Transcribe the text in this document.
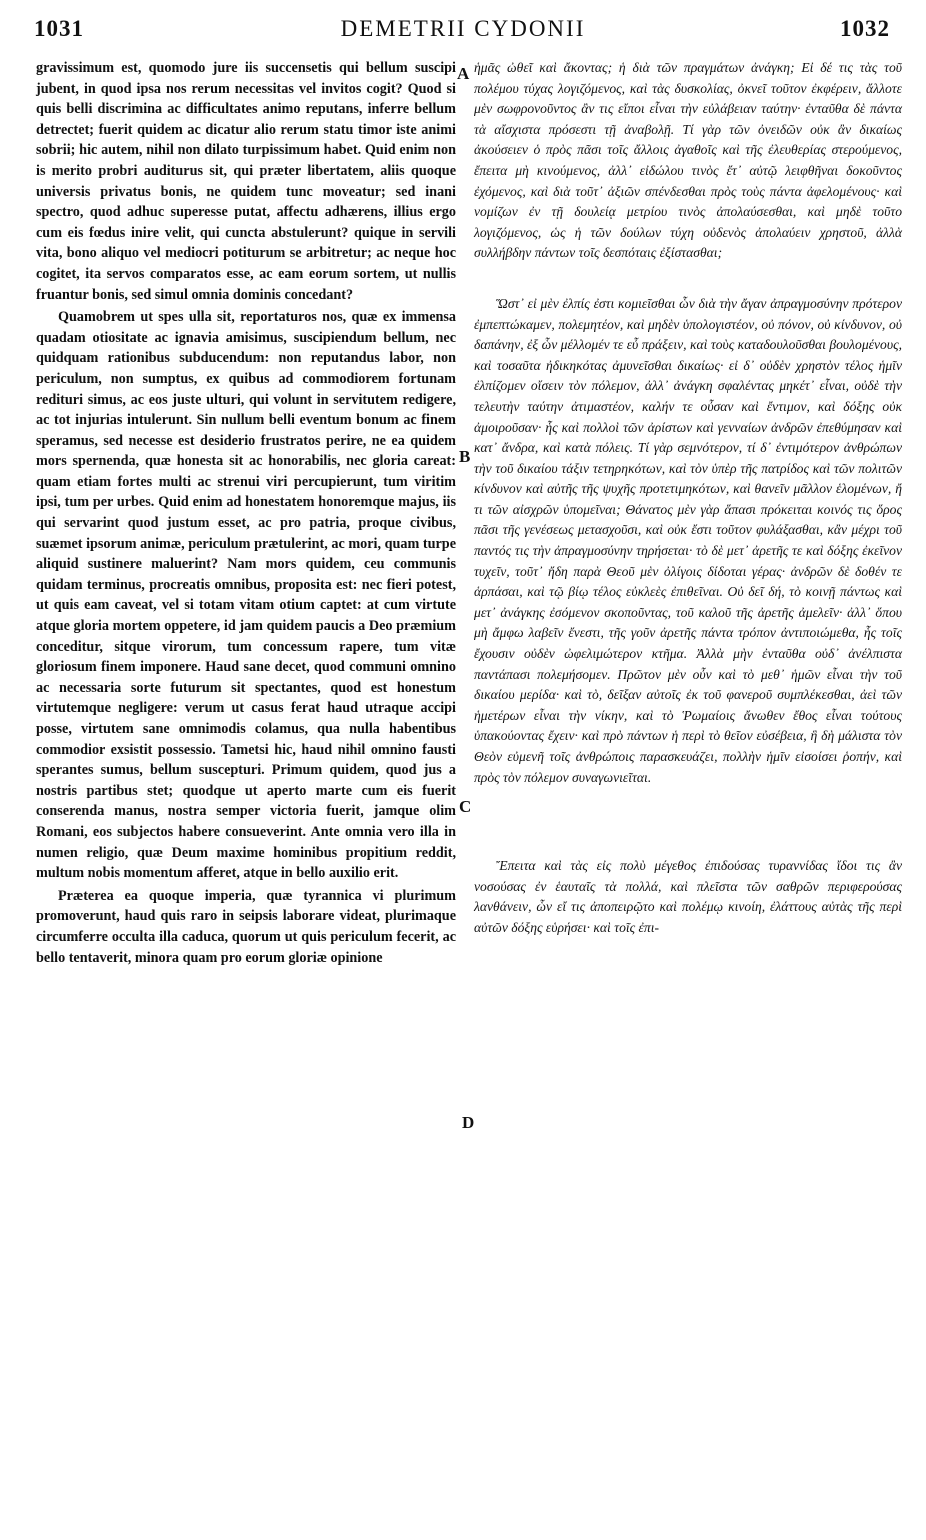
1031	DEMETRII CYDONII	1032

gravissimum est, quomodo jure iis succensetis qui bellum suscipi jubent, in quod ipsa nos rerum necessitas vel invitos cogit? Quod si quis belli discrimina ac difficultates animo reputans, inferre bellum detrectet; fuerit quidem ac dicatur alio rerum statu timor iste animi sobrii; hic autem, nihil non dilato turpissimum habet. Quid enim non is merito probri auditurus sit, qui præter libertatem, aliis quoque universis privatus bonis, ne quidem tunc moveatur; sed inani spectro, quod adhuc superesse putat, affectu adhærens, illius ergo cum eis fœdus inire velit, qui cuncta abstulerunt? quique in servili vita, bono aliquo vel mediocri potiturum se arbitretur; ac neque hoc cogitet, ita servos comparatos esse, ac eam eorum sortem, ut nullis fruantur bonis, sed simul omnia dominis concedant?

Quamobrem ut spes ulla sit, reportaturos nos, quæ ex immensa quadam otiositate ac ignavia amisimus, suscipiendum bellum, nec quidquam rationibus subducendum: non reputandus labor, non periculum, non sumptus, ex quibus ad commodiorem fortunam redituri simus, ac eos juste ulturi, qui volunt in servitutem redigere, ac tot injurias intulerunt. Sin nullum belli eventum bonum ac finem speramus, sed necesse est desiderio frustratos perire, ne ea quidem mors spernenda, quæ honesta sit ac honorabilis, nec gloria careat: quam etiam fortes multi ac strenui viri percupierunt, tum viritim ipsi, tum per urbes. Quid enim ad honestatem honoremque majus, iis qui servarint quod justum esset, ac pro patria, proque civibus, suæmet ipsorum animæ, periculum prætulerint, ac mori, quam turpe aliquid sustinere maluerint? Nam mors quidem, ceu communis quidam terminus, procreatis omnibus, proposita est: nec fieri potest, ut quis eam caveat, vel si totam vitam otium captet: at cum virtute atque gloria mortem oppetere, id jam quidem paucis a Deo præmium conceditur, sitque virorum, tum concessum rapere, tum vitæ gloriosum finem imponere. Haud sane decet, quod communi omnino ac necessaria sorte futurum sit spectantes, quod est honestum virtutemque negligere: verum ut casus ferat haud utraque accipi posse, virtutem sane omnimodis colamus, qua nulla habentibus commodior exsistit possessio. Tametsi hic, haud nihil omnino fausti sperantes sumus, bellum suscepturi. Primum quidem, quod jus a nostris partibus stet; quodque ut aperto marte cum eis fuerit conserenda manus, nostra semper victoria fuerit, jamque olim Romani, eos subjectos habere consueverint. Ante omnia vero illa in numen religio, quæ Deum maxime hominibus propitium reddit, multum nobis momentum afferet, atque in bello auxilio erit.

Præterea ea quoque imperia, quæ tyrannica vi plurimum promoverunt, haud quis raro in seipsis laborare videat, plurimaque circumferre occulta illa caduca, quorum ut quis periculum fecerit, ac bello tentaverit, minora quam pro eorum gloriæ opinione

ἡμᾶς ὠθεῖ καὶ ἄκοντας; ἡ διὰ τῶν πραγμάτων ἀνάγκη; Εἰ δέ τις τὰς τοῦ πολέμου τύχας λογιζόμενος, καὶ τὰς δυσκολίας, ὀκνεῖ τοῦτον ἐκφέρειν, ἄλλοτε μὲν σωφρονοῦντος ἂν τις εἴποι εἶναι τὴν εὐλάβειαν ταύτην· ἐνταῦθα δὲ πάντα τὰ αἴσχιστα πρόσεστι τῇ ἀναβολῇ. Τί γὰρ τῶν ὀνειδῶν οὐκ ἂν δικαίως ἀκούσειεν ὁ πρὸς πᾶσι τοῖς ἄλλοις ἀγαθοῖς καὶ τῆς ἐλευθερίας στερούμενος, ἔπειτα μὴ κινούμενος, ἀλλ᾽ εἰδώλου τινὸς ἔτ᾽ αὐτῷ λειφθῆναι δοκοῦντος ἐχόμενος, καὶ διὰ τοῦτ᾽ ἀξιῶν σπένδεσθαι πρὸς τοὺς πάντα ἀφελομένους· καὶ νομίζων ἐν τῇ δουλείᾳ μετρίου τινὸς ἀπολαύσεσθαι, καὶ μηδὲ τοῦτο λογιζόμενος, ὡς ἡ τῶν δούλων τύχη οὐδενὸς ἀπολαύειν χρηστοῦ, ἀλλὰ συλλήβδην πάντων τοῖς δεσπόταις ἐξίστασθαι;

Ὥστ᾽ εἰ μὲν ἐλπίς ἐστι κομιεῖσθαι ὧν διὰ τὴν ἄγαν ἀπραγμοσύνην πρότερον ἐμπεπτώκαμεν, πολεμητέον, καὶ μηδὲν ὑπολογιστέον, οὐ πόνον, οὐ κίνδυνον, οὐ δαπάνην, ἐξ ὧν μέλλομέν τε εὖ πράξειν, καὶ τοὺς καταδουλοῦσθαι βουλομένους, καὶ τοσαῦτα ἠδικηκότας ἀμυνεῖσθαι δικαίως· εἰ δ᾽ οὐδὲν χρηστὸν τέλος ἡμῖν ἐλπίζομεν οἴσειν τὸν πόλεμον, ἀλλ᾽ ἀνάγκη σφαλέντας μηκέτ᾽ εἶναι, οὐδὲ τὴν τελευτὴν ταύτην ἀτιμαστέον, καλήν τε οὖσαν καὶ ἔντιμον, καὶ δόξης οὐκ ἀμοιροῦσαν· ἧς καὶ πολλοὶ τῶν ἀρίστων καὶ γενναίων ἀνδρῶν ἐπεθύμησαν καὶ κατ᾽ ἄνδρα, καὶ κατὰ πόλεις. Τί γὰρ σεμνότερον, τί δ᾽ ἐντιμότερον ἀνθρώπων τὴν τοῦ δικαίου τάξιν τετηρηκότων, καὶ τὸν ὑπὲρ τῆς πατρίδος καὶ τῶν πολιτῶν κίνδυνον καὶ αὐτῆς τῆς ψυχῆς προτετιμηκότων, καὶ θανεῖν μᾶλλον ἑλομένων, ἤ τι τῶν αἰσχρῶν ὑπομεῖναι; Θάνατος μὲν γὰρ ἅπασι πρόκειται κοινός τις ὅρος πᾶσι τῆς γενέσεως μετασχοῦσι, καὶ οὐκ ἔστι τοῦτον φυλάξασθαι, κἂν μέχρι τοῦ παντός τις τὴν ἀπραγμοσύνην τηρήσεται· τὸ δὲ μετ᾽ ἀρετῆς τε καὶ δόξης ἐκεῖνον τυχεῖν, τοῦτ᾽ ἤδη παρὰ Θεοῦ μὲν ὀλίγοις δίδοται γέρας· ἀνδρῶν δὲ δοθέν τε ἁρπάσαι, καὶ τῷ βίῳ τέλος εὐκλεὲς ἐπιθεῖναι. Οὐ δεῖ δή, τὸ κοινῇ πάντως καὶ μετ᾽ ἀνάγκης ἐσόμενον σκοποῦντας, τοῦ καλοῦ τῆς ἀρετῆς ἀμελεῖν· ἀλλ᾽ ὅπου μὴ ἄμφω λαβεῖν ἔνεστι, τῆς γοῦν ἀρετῆς πάντα τρόπον ἀντιποιώμεθα, ἧς τοῖς ἔχουσιν οὐδὲν ὠφελιμώτερον κτῆμα. Ἀλλὰ μὴν ἐνταῦθα οὐδ᾽ ἀνέλπιστα παντάπασι πολεμήσομεν. Πρῶτον μὲν οὖν καὶ τὸ μεθ᾽ ἡμῶν εἶναι τὴν τοῦ δικαίου μερίδα· καὶ τὸ, δεῖξαν αὐτοῖς ἐκ τοῦ φανεροῦ συμπλέκεσθαι, ἀεὶ τῶν ἡμετέρων εἶναι τὴν νίκην, καὶ τὸ Ῥωμαίοις ἄνωθεν ἔθος εἶναι τούτους ὑπακούοντας ἔχειν· καὶ πρὸ πάντων ἡ περὶ τὸ θεῖον εὐσέβεια, ἣ δὴ μάλιστα τὸν Θεὸν εὐμενῆ τοῖς ἀνθρώποις παρασκευάζει, πολλὴν ἡμῖν εἰσοίσει ῥοπήν, καὶ πρὸς τὸν πόλεμον συναγωνιεῖται.

Ἔπειτα καὶ τὰς εἰς πολὺ μέγεθος ἐπιδούσας τυραννίδας ἴδοι τις ἂν νοσούσας ἐν ἑαυταῖς τὰ πολλά, καὶ πλεῖστα τῶν σαθρῶν περιφερούσας λανθάνειν, ὧν εἴ τις ἀποπειρῷτο καὶ πολέμῳ κινοίη, ἐλάττους αὐτὰς τῆς περὶ αὐτῶν δόξης εὑρήσει· καὶ τοῖς ἐπι-

A
B
C
D
